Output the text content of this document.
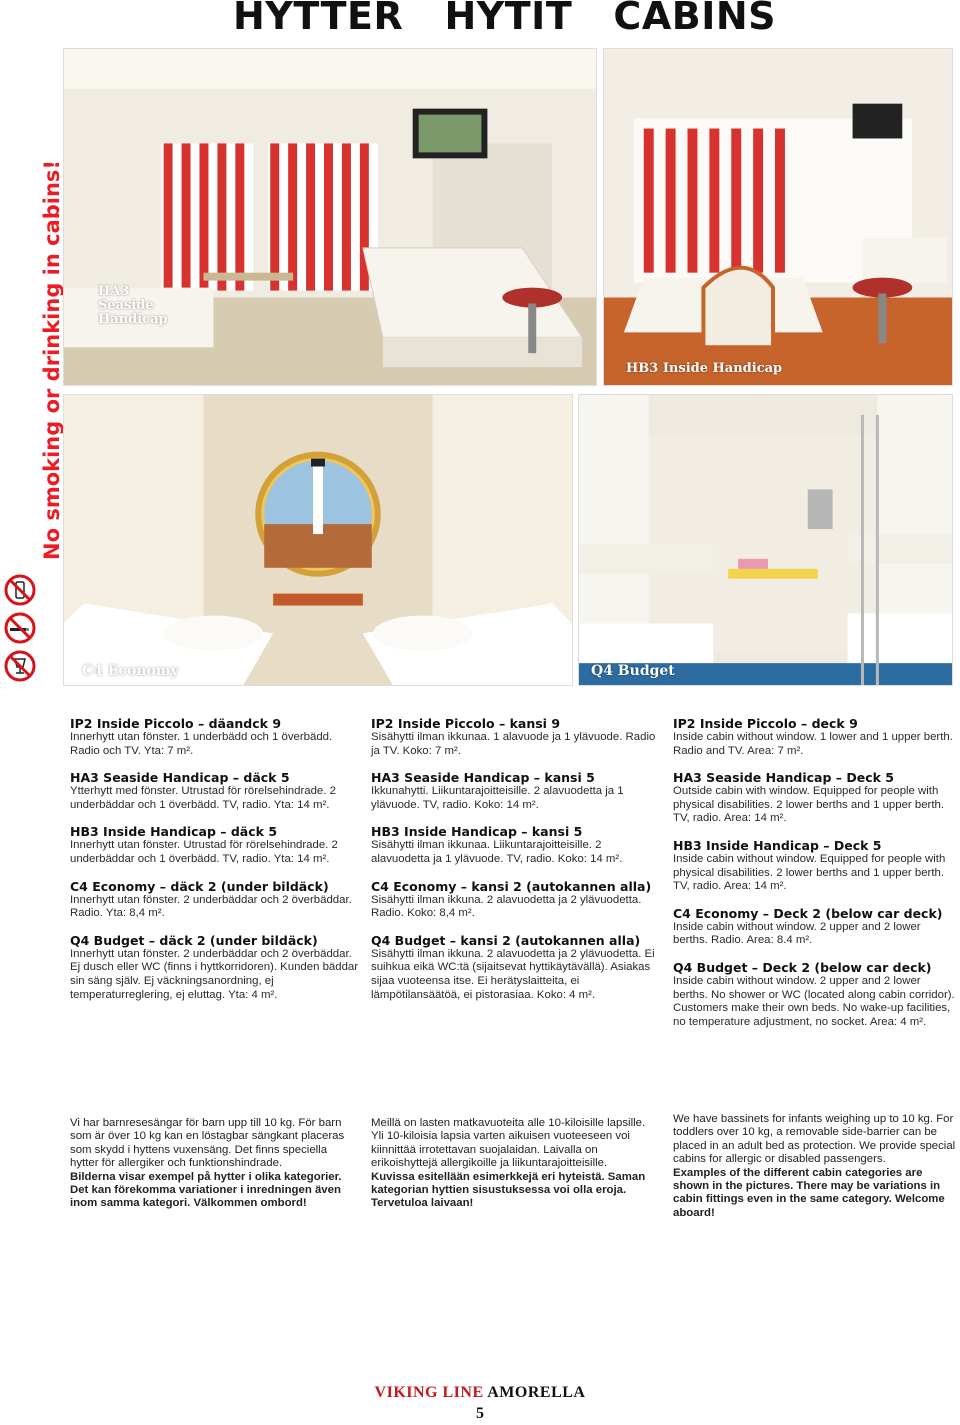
HYTTER   HYTIT   CABINS
No smoking or drinking in cabins!	HA3
Seaside
Handicap
HB3 Inside Handicap
C4 Economy	Q4 Budget
IP2 Inside Piccolo – däandck 9

Innerhytt utan fönster. 1 underbädd och 1 överbädd. Radio och TV. Yta: 7 m².

HA3 Seaside Handicap – däck 5

Ytterhytt med fönster. Utrustad för rörelsehindrade. 2 underbäddar och 1 överbädd. TV, radio. Yta: 14 m².

HB3 Inside Handicap – däck 5

Innerhytt utan fönster. Utrustad för rörelsehindrade. 2 underbäddar och 1 överbädd. TV, radio. Yta: 14 m².

C4 Economy – däck 2 (under bildäck)

Innerhytt utan fönster. 2 underbäddar och 2 överbäddar. Radio. Yta: 8,4 m².

Q4 Budget – däck 2 (under bildäck)

Innerhytt utan fönster. 2 underbäddar och 2 överbäddar. Ej dusch eller WC (finns i hyttkorridoren). Kunden bäddar sin säng själv. Ej väckningsanordning, ej temperaturreglering, ej eluttag. Yta: 4 m².

IP2 Inside Piccolo – kansi 9

Sisähytti ilman ikkunaa. 1 alavuode ja 1 ylävuode. Radio ja TV. Koko: 7 m².

HA3 Seaside Handicap – kansi 5

Ikkunahytti. Liikuntarajoitteisille. 2 alavuodetta ja 1 ylävuode. TV, radio. Koko: 14 m².

HB3 Inside Handicap – kansi 5

Sisähytti ilman ikkunaa. Liikuntarajoitteisille. 2 alavuodetta ja 1 ylävuode. TV, radio. Koko: 14 m².

C4 Economy – kansi 2 (autokannen alla)

Sisähytti ilman ikkuna. 2 alavuodetta ja 2 ylävuodetta. Radio. Koko: 8,4 m².

Q4 Budget – kansi 2 (autokannen alla)

Sisähytti ilman ikkuna. 2 alavuodetta ja 2 ylävuodetta. Ei suihkua eikä WC:tä (sijaitsevat hyttikäytävällä). Asiakas sijaa vuoteensa itse. Ei herätyslaitteita, ei lämpötilansäätöä, ei pistorasiaa. Koko: 4 m².

IP2 Inside Piccolo – deck 9

Inside cabin without window. 1 lower and 1 upper berth. Radio and TV. Area: 7 m².

HA3 Seaside Handicap – Deck 5

Outside cabin with window. Equipped for people with physical disabilities. 2 lower berths and 1 upper berth. TV, radio. Area: 14 m².

HB3 Inside Handicap – Deck 5

Inside cabin without window. Equipped for people with physical disabilities. 2 lower berths and 1 upper berth. TV, radio. Area: 14 m².

C4 Economy – Deck 2 (below car deck)

Inside cabin without window. 2 upper and 2 lower berths. Radio. Area: 8.4 m².

Q4 Budget – Deck 2 (below car deck)

Inside cabin without window. 2 upper and 2 lower berths. No shower or WC (located along cabin corridor). Customers make their own beds. No wake-up facilities, no temperature adjustment, no socket. Area: 4 m².

Vi har barnresesängar för barn upp till 10 kg. För barn som är över 10 kg kan en löstagbar sängkant placeras som skydd i hyttens vuxensäng. Det finns speciella hytter för allergiker och funktionshindrade.

Bilderna visar exempel på hytter i olika kategorier. Det kan förekomma variationer i inredningen även inom samma kategori. Välkommen ombord!

Meillä on lasten matkavuoteita alle 10-kiloisille lapsille. Yli 10-kiloisia lapsia varten aikuisen vuoteeseen voi kiinnittää irrotettavan suojalaidan. Laivalla on erikoishyttejä allergikoille ja liikuntarajoitteisille.

Kuvissa esitellään esimerkkejä eri hyteistä. Saman kategorian hyttien sisustuksessa voi olla eroja. Tervetuloa laivaan!

We have bassinets for infants weighing up to 10 kg. For toddlers over 10 kg, a removable side-barrier can be placed in an adult bed as protection. We provide special cabins for allergic or disabled passengers.

Examples of the different cabin categories are shown in the pictures. There may be variations in cabin fittings even in the same category. Welcome aboard!

VIKING LINE AMORELLA
5
